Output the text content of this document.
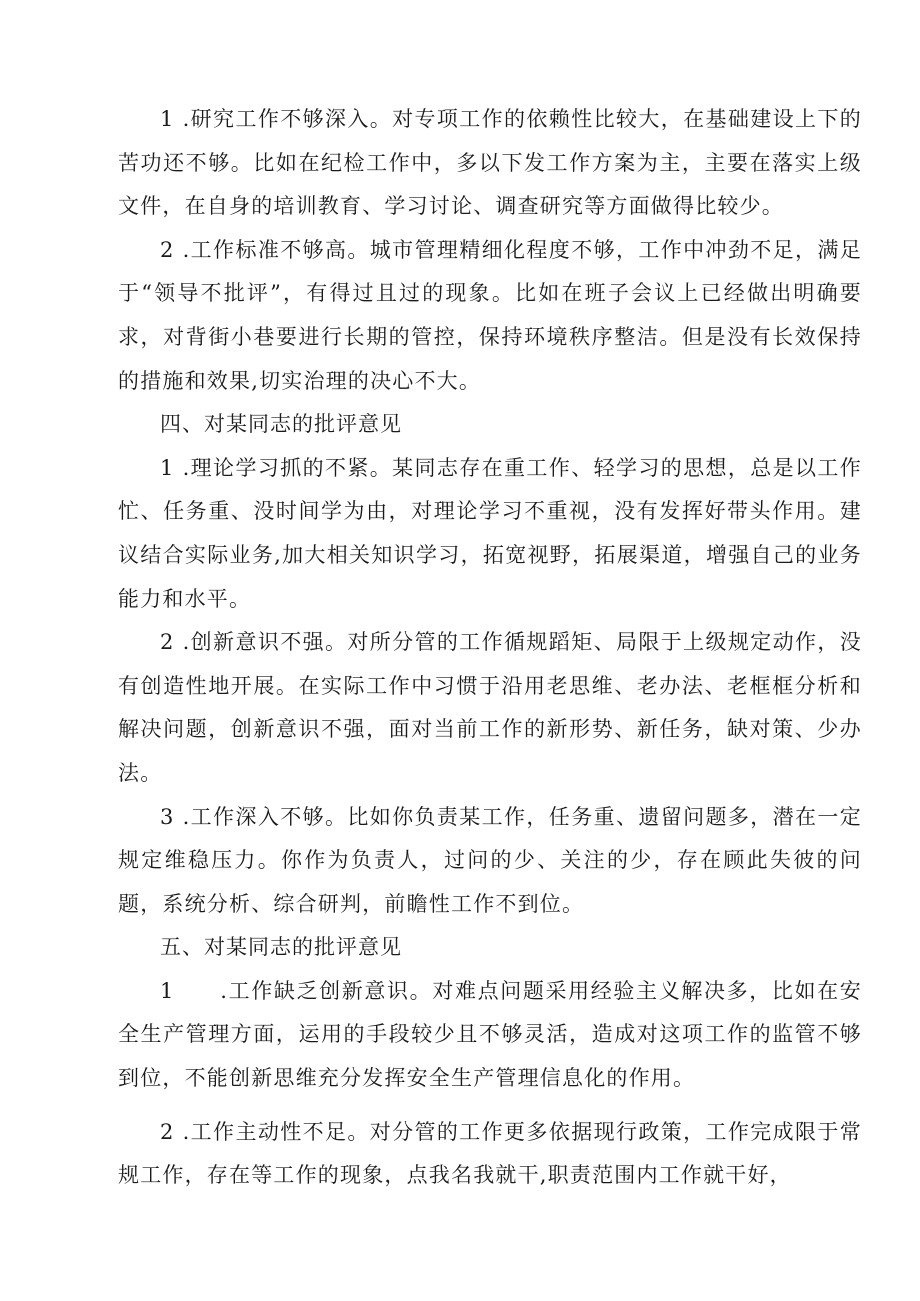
1 .研究工作不够深入。对专项工作的依赖性比较大，在基础建设上下的苦功还不够。比如在纪检工作中，多以下发工作方案为主，主要在落实上级文件，在自身的培训教育、学习讨论、调查研究等方面做得比较少。

2 .工作标准不够高。城市管理精细化程度不够，工作中冲劲不足，满足于“领导不批评”，有得过且过的现象。比如在班子会议上已经做出明确要求，对背街小巷要进行长期的管控，保持环境秩序整洁。但是没有长效保持的措施和效果,切实治理的决心不大。

四、对某同志的批评意见

1 .理论学习抓的不紧。某同志存在重工作、轻学习的思想，总是以工作忙、任务重、没时间学为由，对理论学习不重视，没有发挥好带头作用。建议结合实际业务,加大相关知识学习，拓宽视野，拓展渠道，增强自己的业务能力和水平。

2 .创新意识不强。对所分管的工作循规蹈矩、局限于上级规定动作，没有创造性地开展。在实际工作中习惯于沿用老思维、老办法、老框框分析和解决问题，创新意识不强，面对当前工作的新形势、新任务，缺对策、少办法。

3 .工作深入不够。比如你负责某工作，任务重、遗留问题多，潜在一定规定维稳压力。你作为负责人，过问的少、关注的少，存在顾此失彼的问题，系统分析、综合研判，前瞻性工作不到位。

五、对某同志的批评意见

1　　.工作缺乏创新意识。对难点问题采用经验主义解决多，比如在安全生产管理方面，运用的手段较少且不够灵活，造成对这项工作的监管不够到位，不能创新思维充分发挥安全生产管理信息化的作用。

2 .工作主动性不足。对分管的工作更多依据现行政策，工作完成限于常规工作，存在等工作的现象，点我名我就干,职责范围内工作就干好，
